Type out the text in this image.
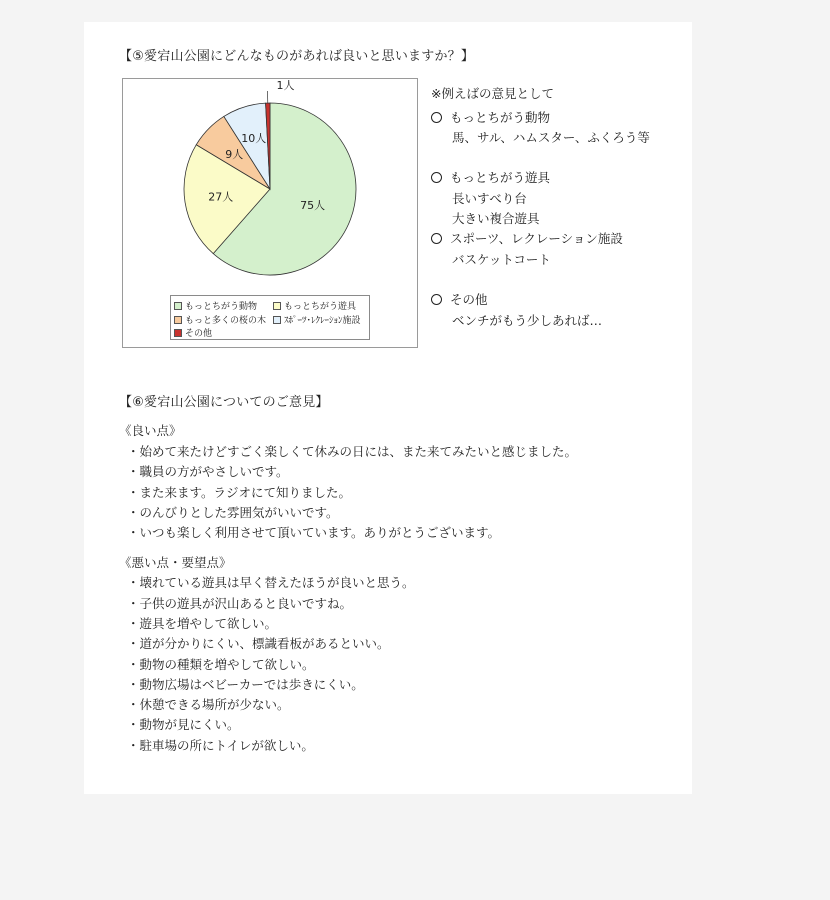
【⑤愛宕山公園にどんなものがあれば良いと思いますか？】
75人
27人
9人
10人
1人
もっとちがう動物	もっとちがう遊具
もっと多くの桜の木	ｽﾎﾟｰﾂ･ﾚｸﾚｰｼｮﾝ施設
その他
※例えばの意見として
もっとちがう動物
馬、サル、ハムスター、ふくろう等
もっとちがう遊具
長いすべり台
大きい複合遊具
スポーツ、レクレーション施設
バスケットコート
その他
ベンチがもう少しあれば…
【⑥愛宕山公園についてのご意見】
《良い点》
・始めて来たけどすごく楽しくて休みの日には、また来てみたいと感じました。
・職員の方がやさしいです。
・また来ます。ラジオにて知りました。
・のんびりとした雰囲気がいいです。
・いつも楽しく利用させて頂いています。ありがとうございます。
《悪い点・要望点》
・壊れている遊具は早く替えたほうが良いと思う。
・子供の遊具が沢山あると良いですね。
・遊具を増やして欲しい。
・道が分かりにくい、標識看板があるといい。
・動物の種類を増やして欲しい。
・動物広場はベビーカーでは歩きにくい。
・休憩できる場所が少ない。
・動物が見にくい。
・駐車場の所にトイレが欲しい。
